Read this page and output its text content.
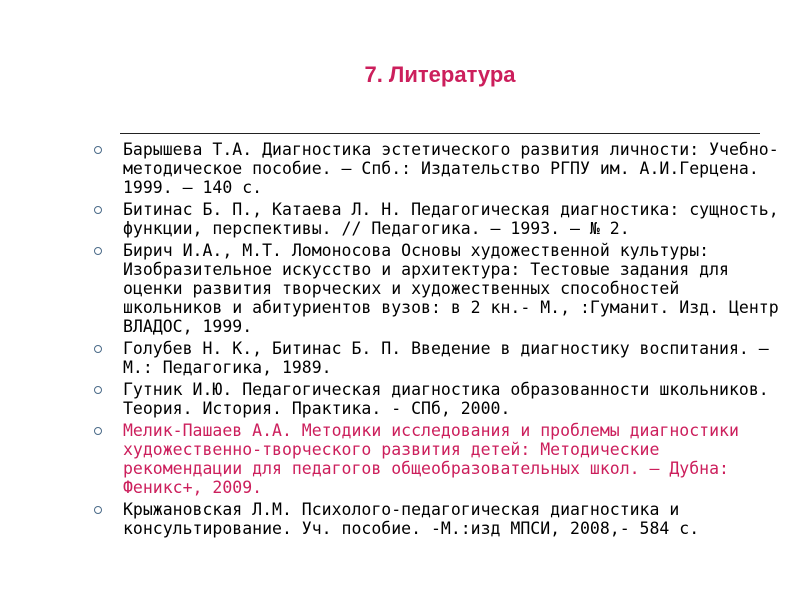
7. Литература
Барышева Т.А. Диагностика эстетического развития личности: Учебно-методическое пособие. – Спб.: Издательство РГПУ им. А.И.Герцена. 1999. – 140 с.
Битинас Б. П., Катаева Л. Н. Педагогическая диагностика: сущность, функции, перспективы. // Педагогика. – 1993. – № 2.
Бирич И.А., М.Т. Ломоносова Основы художественной культуры: Изобразительное искусство и архитектура: Тестовые задания для оценки развития творческих и художественных способностей школьников и абитуриентов вузов: в 2 кн.- М., :Гуманит. Изд. Центр ВЛАДОС, 1999.
Голубев Н. К., Битинас Б. П. Введение в диагностику воспитания. – М.: Педагогика, 1989.
Гутник И.Ю. Педагогическая диагностика образованности школьников. Теория. История. Практика. - СПб, 2000.
Мелик-Пашаев А.А. Методики исследования и проблемы диагностики художественно-творческого развития детей: Методические рекомендации для педагогов общеобразовательных школ. – Дубна: Феникс+, 2009.
Крыжановская Л.М. Психолого-педагогическая диагностика и консультирование. Уч. пособие. -М.:изд МПСИ, 2008,- 584 с.
